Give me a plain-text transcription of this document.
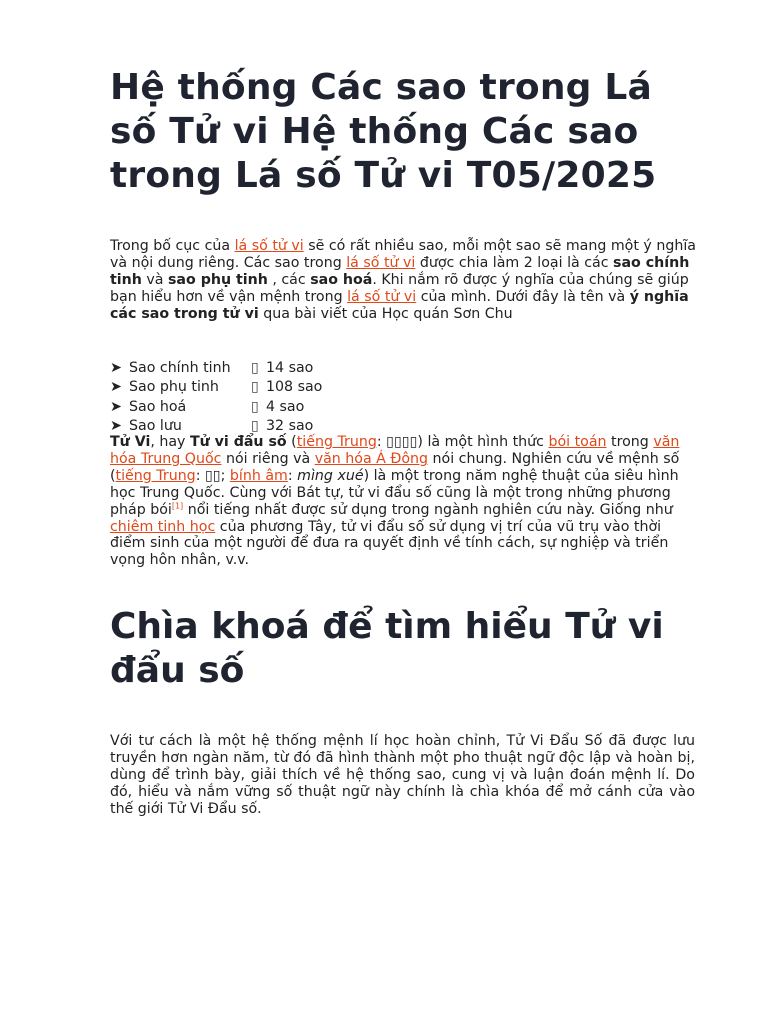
Hệ thống Các sao trong Lá số Tử vi Hệ thống Các sao trong Lá số Tử vi T05/2025

Trong bố cục của lá số tử vi sẽ có rất nhiều sao, mỗi một sao sẽ mang một ý nghĩa và nội dung riêng. Các sao trong lá số tử vi được chia làm 2 loại là các sao chính tinh và sao phụ tinh , các sao hoá. Khi nắm rõ được ý nghĩa của chúng sẽ giúp bạn hiểu hơn về vận mệnh trong lá số tử vi của mình. Dưới đây là tên và ý nghĩa các sao trong tử vi qua bài viết của Học quán Sơn Chu

➤ Sao chính tinh ▯ 14 sao
➤ Sao phụ tinh ▯ 108 sao
➤ Sao hoá	▯ 4 sao
➤ Sao lưu	▯ 32 sao

Tử Vi, hay Tử vi đẩu số (tiếng Trung: ▯▯▯▯) là một hình thức bói toán trong văn hóa Trung Quốc nói riêng và văn hóa Á Đông nói chung. Nghiên cứu về mệnh số (tiếng Trung: ▯▯; bính âm: mìng xué) là một trong năm nghệ thuật của siêu hình học Trung Quốc. Cùng với Bát tự, tử vi đẩu số cũng là một trong những phương pháp bói[1] nổi tiếng nhất được sử dụng trong ngành nghiên cứu này. Giống như chiêm tinh học của phương Tây, tử vi đẩu số sử dụng vị trí của vũ trụ vào thời điểm sinh của một người để đưa ra quyết định về tính cách, sự nghiệp và triển vọng hôn nhân, v.v.

Chìa khoá để tìm hiểu Tử vi đẩu số

Với tư cách là một hệ thống mệnh lí học hoàn chỉnh, Tử Vi Đẩu Số đã được lưu truyền hơn ngàn năm, từ đó đã hình thành một pho thuật ngữ độc lập và hoàn bị, dùng để trình bày, giải thích về hệ thống sao, cung vị và luận đoán mệnh lí. Do đó, hiểu và nắm vững số thuật ngữ này chính là chìa khóa để mở cánh cửa vào thế giới Tử Vi Đẩu số.
